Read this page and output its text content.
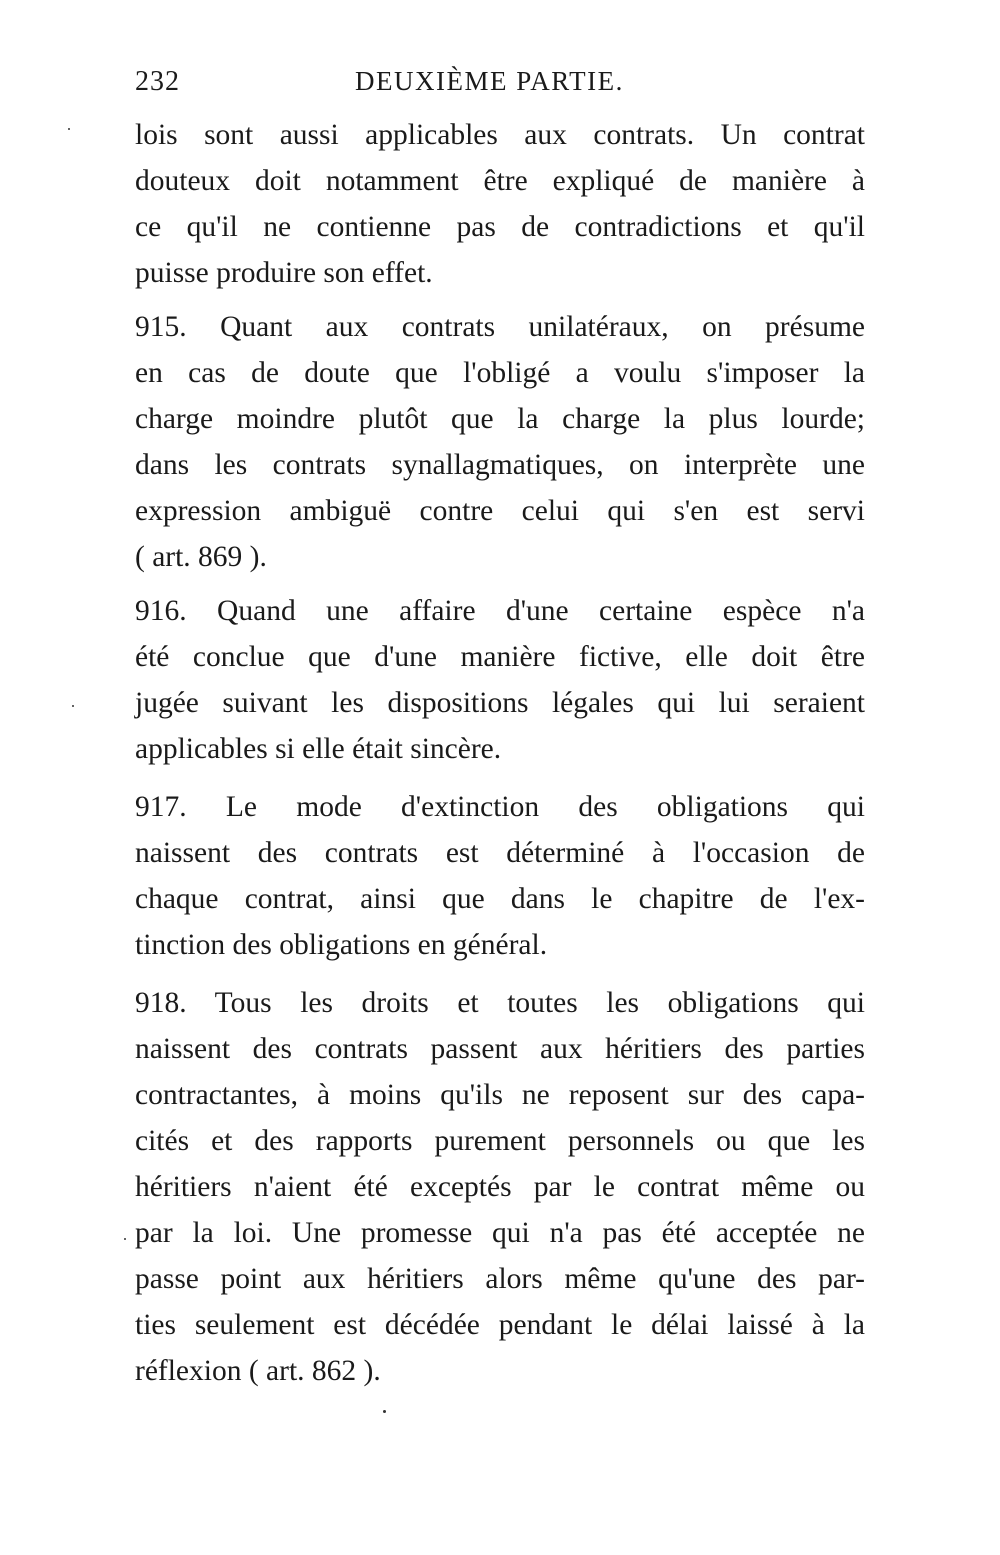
232	DEUXIÈME PARTIE.
lois sont aussi applicables aux contrats. Un contrat
douteux doit notamment être expliqué de manière à
ce qu'il ne contienne pas de contradictions et qu'il
puisse produire son effet.
915. Quant aux contrats unilatéraux, on présume
en cas de doute que l'obligé a voulu s'imposer la
charge moindre plutôt que la charge la plus lourde;
dans les contrats synallagmatiques, on interprète une
expression ambiguë contre celui qui s'en est servi
( art. 869 ).
916. Quand une affaire d'une certaine espèce n'a
été conclue que d'une manière fictive, elle doit être
jugée suivant les dispositions légales qui lui seraient
applicables si elle était sincère.
917. Le mode d'extinction des obligations qui
naissent des contrats est déterminé à l'occasion de
chaque contrat, ainsi que dans le chapitre de l'ex-
tinction des obligations en général.
918. Tous les droits et toutes les obligations qui
naissent des contrats passent aux héritiers des parties
contractantes, à moins qu'ils ne reposent sur des capa-
cités et des rapports purement personnels ou que les
héritiers n'aient été exceptés par le contrat même ou
par la loi. Une promesse qui n'a pas été acceptée ne
passe point aux héritiers alors même qu'une des par-
ties seulement est décédée pendant le délai laissé à la
réflexion ( art. 862 ).
